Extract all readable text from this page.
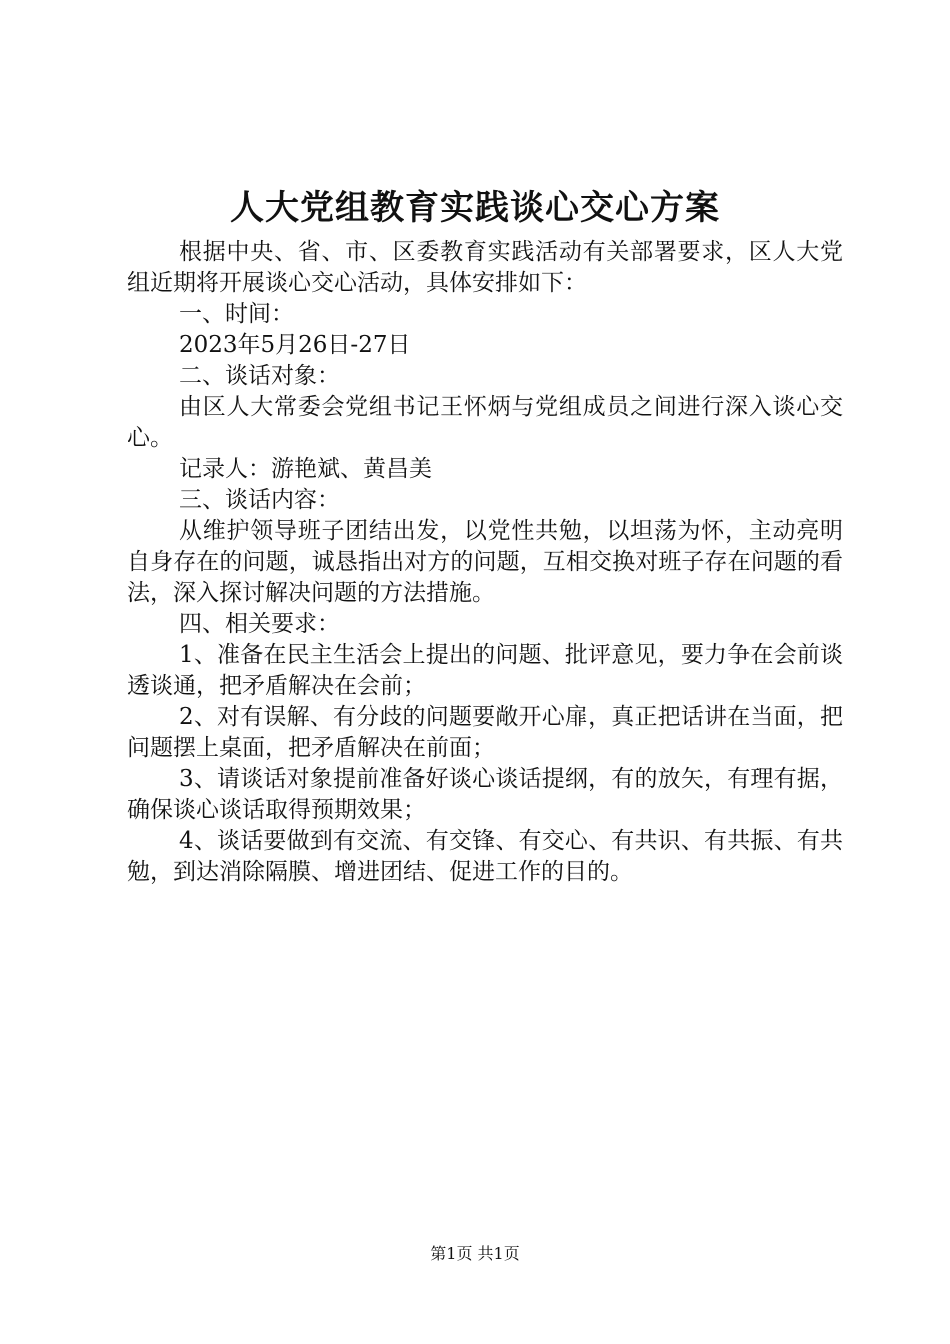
人大党组教育实践谈心交心方案

根据中央、省、市、区委教育实践活动有关部署要求，区人大党组近期将开展谈心交心活动，具体安排如下：

一、时间：

2023年5月26日-27日

二、谈话对象：

由区人大常委会党组书记王怀炳与党组成员之间进行深入谈心交心。

记录人：游艳斌、黄昌美

三、谈话内容：

从维护领导班子团结出发，以党性共勉，以坦荡为怀，主动亮明自身存在的问题，诚恳指出对方的问题，互相交换对班子存在问题的看法，深入探讨解决问题的方法措施。

四、相关要求：

1、准备在民主生活会上提出的问题、批评意见，要力争在会前谈透谈通，把矛盾解决在会前；

2、对有误解、有分歧的问题要敞开心扉，真正把话讲在当面，把问题摆上桌面，把矛盾解决在前面；

3、请谈话对象提前准备好谈心谈话提纲，有的放矢，有理有据，确保谈心谈话取得预期效果；

4、谈话要做到有交流、有交锋、有交心、有共识、有共振、有共勉，到达消除隔膜、增进团结、促进工作的目的。

第1页 共1页
